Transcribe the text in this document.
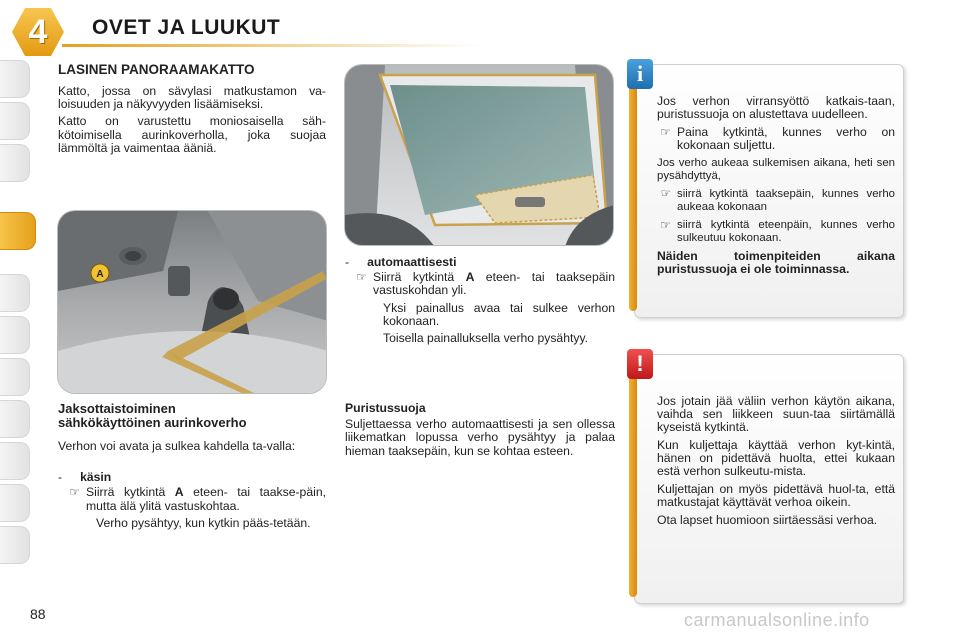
4	OVET JA LUUKUT
LASINEN PANORAAMAKATTO

Katto, jossa on sävylasi matkustamon va-loisuuden ja näkyvyyden lisäämiseksi.

Katto on varustettu moniosaisella säh-kötoimisella aurinkoverholla, joka suojaa lämmöltä ja vaimentaa ääniä.

A
Jaksottaistoiminen
sähkökäyttöinen aurinkoverho

Verhon voi avata ja sulkea kahdella ta-valla:

-	käsin
☞ Siirrä kytkintä A eteen- tai taakse-päin, mutta älä ylitä vastuskohtaa.

Verho pysähtyy, kun kytkin pääs-tetään.

-	automaattisesti
☞ Siirrä kytkintä A eteen- tai taaksepäin vastuskohdan yli.

Yksi painallus avaa tai sulkee verhon kokonaan.

Toisella painalluksella verho pysähtyy.

Puristussuoja

Suljettaessa verho automaattisesti ja sen ollessa liikematkan lopussa verho pysähtyy ja palaa hieman taaksepäin, kun se kohtaa esteen.

i

Jos verhon virransyöttö katkais-taan, puristussuoja on alustettava uudelleen.

☞ Paina kytkintä, kunnes verho on kokonaan suljettu.

Jos verho aukeaa sulkemisen aikana, heti sen pysähdyttyä,

☞ siirrä kytkintä taaksepäin, kunnes verho aukeaa kokonaan

☞ siirrä kytkintä eteenpäin, kunnes verho sulkeutuu kokonaan.

Näiden toimenpiteiden aikana puristussuoja ei ole toiminnassa.

!

Jos jotain jää väliin verhon käytön aikana, vaihda sen liikkeen suun-taa siirtämällä kyseistä kytkintä.

Kun kuljettaja käyttää verhon kyt-kintä, hänen on pidettävä huolta, ettei kukaan estä verhon sulkeutu-mista.

Kuljettajan on myös pidettävä huol-ta, että matkustajat käyttävät verhoa oikein.

Ota lapset huomioon siirtäessäsi verhoa.

88	carmanualsonline.info
